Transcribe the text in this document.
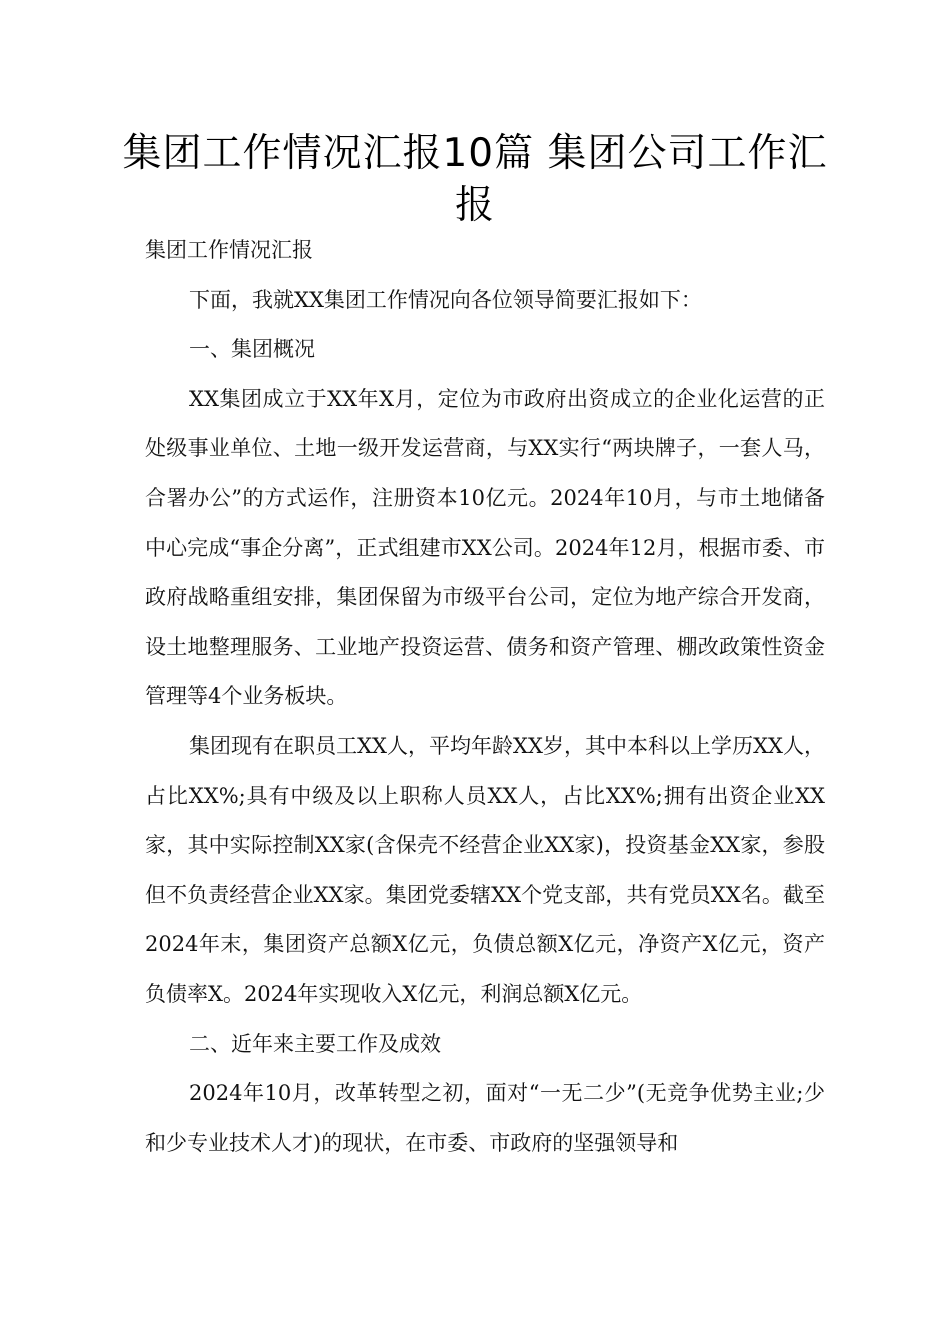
集团工作情况汇报10篇 集团公司工作汇报

集团工作情况汇报

下面，我就XX集团工作情况向各位领导简要汇报如下：

一、集团概况

XX集团成立于XX年X月，定位为市政府出资成立的企业化运营的正处级事业单位、土地一级开发运营商，与XX实行“两块牌子，一套人马，合署办公”的方式运作，注册资本10亿元。2024年10月，与市土地储备中心完成“事企分离”，正式组建市XX公司。2024年12月，根据市委、市政府战略重组安排，集团保留为市级平台公司，定位为地产综合开发商，设土地整理服务、工业地产投资运营、债务和资产管理、棚改政策性资金管理等4个业务板块。

集团现有在职员工XX人，平均年龄XX岁，其中本科以上学历XX人，占比XX%;具有中级及以上职称人员XX人，占比XX%;拥有出资企业XX家，其中实际控制XX家(含保壳不经营企业XX家)，投资基金XX家，参股但不负责经营企业XX家。集团党委辖XX个党支部，共有党员XX名。截至2024年末，集团资产总额X亿元，负债总额X亿元，净资产X亿元，资产负债率X。2024年实现收入X亿元，利润总额X亿元。

二、近年来主要工作及成效

2024年10月，改革转型之初，面对“一无二少”(无竞争优势主业;少和少专业技术人才)的现状，在市委、市政府的坚强领导和
